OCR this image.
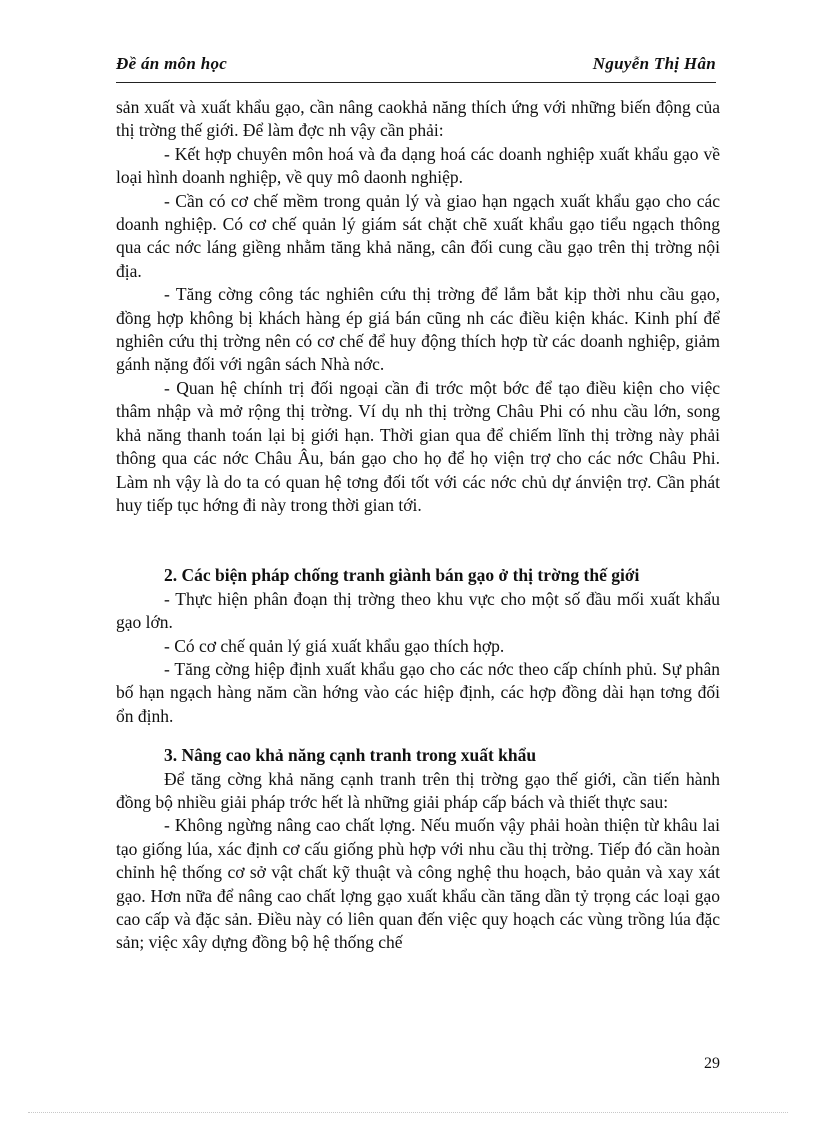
Đề án môn học	Nguyễn Thị Hân

sản xuất và xuất khẩu gạo, cần nâng caokhả năng thích ứng với những biến động của thị trờng thế giới. Để làm đợc nh vậy cần phải:

- Kết hợp chuyên môn hoá và đa dạng hoá các doanh nghiệp xuất khẩu gạo về loại hình doanh nghiệp, về quy mô daonh nghiệp.

- Cần có cơ chế mềm trong quản lý và giao hạn ngạch xuất khẩu gạo cho các doanh nghiệp. Có cơ chế quản lý giám sát chặt chẽ xuất khẩu gạo tiểu ngạch thông qua các nớc láng giềng nhằm tăng khả năng, cân đối cung cầu gạo trên thị trờng nội địa.

- Tăng cờng công tác nghiên cứu thị trờng để lắm bắt kịp thời nhu cầu gạo, đồng hợp không bị khách hàng ép giá bán cũng nh các điều kiện khác. Kinh phí để nghiên cứu thị trờng nên có cơ chế để huy động thích hợp từ các doanh nghiệp, giảm gánh nặng đối với ngân sách Nhà nớc.

- Quan hệ chính trị đối ngoại cần đi trớc một bớc để tạo điều kiện cho việc thâm nhập và mở rộng thị trờng. Ví dụ nh thị trờng Châu Phi có nhu cầu lớn, song khả năng thanh toán lại bị giới hạn. Thời gian qua để chiếm lĩnh thị trờng này phải thông qua các nớc Châu Âu, bán gạo cho họ để họ viện trợ cho các nớc Châu Phi. Làm nh vậy là do ta có quan hệ tơng đối tốt với các nớc chủ dự ánviện trợ. Cần phát huy tiếp tục hớng đi này trong thời gian tới.

2. Các biện pháp chống tranh giành bán gạo ở thị trờng thế giới

- Thực hiện phân đoạn thị trờng theo khu vực cho một số đầu mối xuất khẩu gạo lớn.

- Có cơ chế quản lý giá xuất khẩu gạo thích hợp.

- Tăng cờng hiệp định xuất khẩu gạo cho các nớc theo cấp chính phủ. Sự phân bố hạn ngạch hàng năm cần hớng vào các hiệp định, các hợp đồng dài hạn tơng đối ổn định.

3. Nâng cao khả năng cạnh tranh trong xuất khẩu

Để tăng cờng khả năng cạnh tranh trên thị trờng gạo thế giới, cần tiến hành đồng bộ nhiều giải pháp trớc hết là những giải pháp cấp bách và thiết thực sau:

- Không ngừng nâng cao chất lợng. Nếu muốn vậy phải hoàn thiện từ khâu lai tạo giống lúa, xác định cơ cấu giống phù hợp với nhu cầu thị trờng. Tiếp đó cần hoàn chỉnh hệ thống cơ sở vật chất kỹ thuật và công nghệ thu hoạch, bảo quản và xay xát gạo. Hơn nữa để nâng cao chất lợng gạo xuất khẩu cần tăng dần tỷ trọng các loại gạo cao cấp và đặc sản. Điều này có liên quan đến việc quy hoạch các vùng trồng lúa đặc sản; việc xây dựng đồng bộ hệ thống chế

29
